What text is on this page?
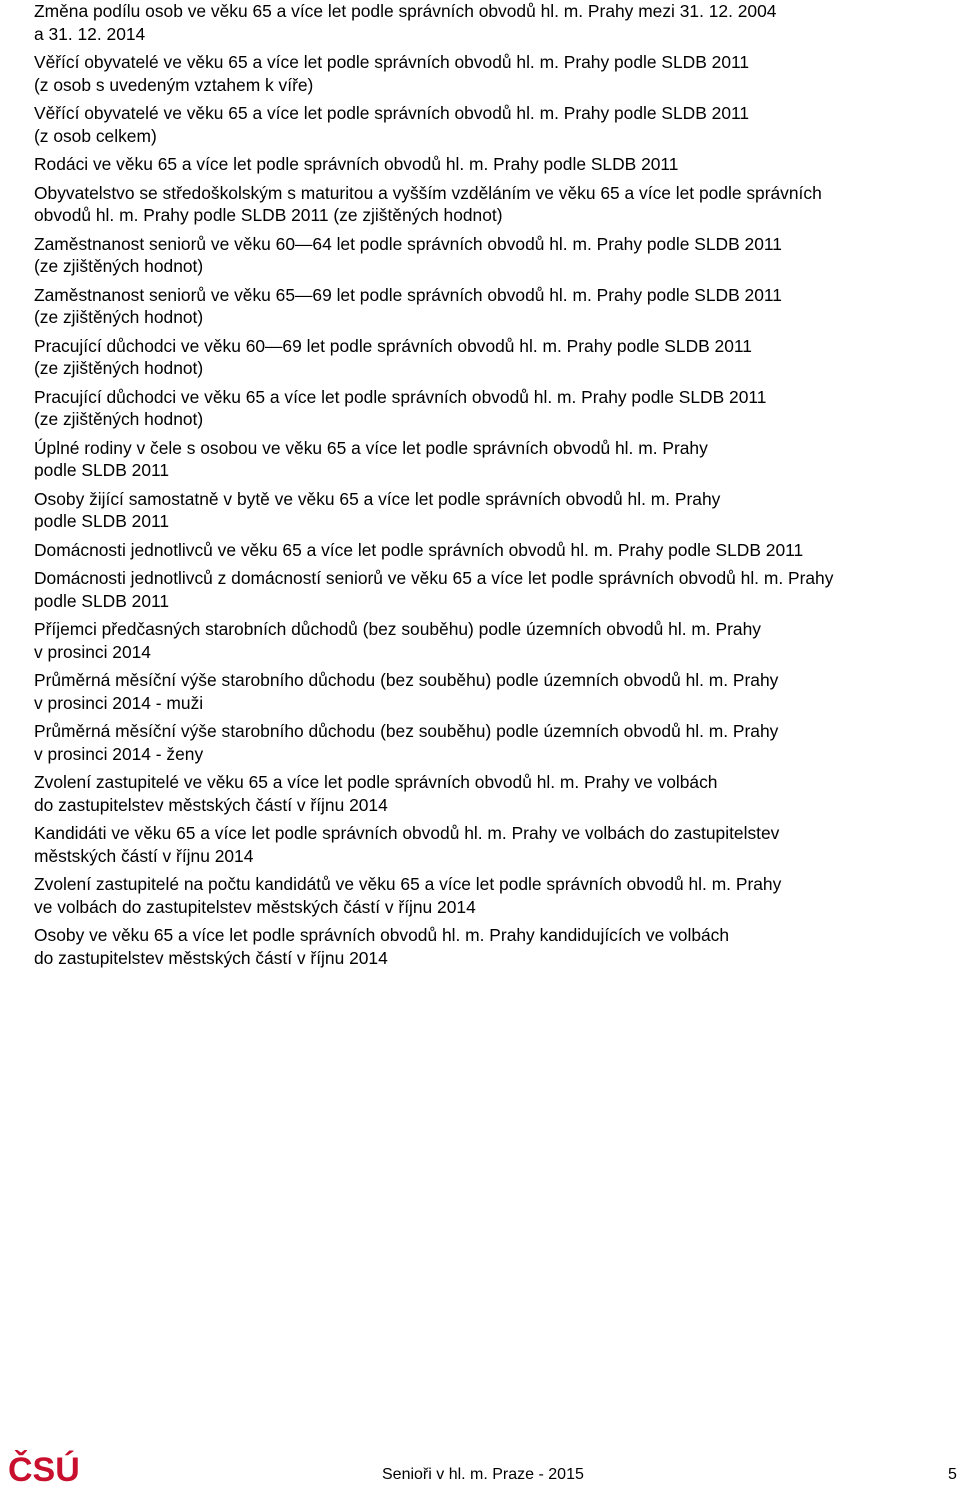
Změna podílu osob ve věku 65 a více let podle správních obvodů hl. m. Prahy mezi 31. 12. 2004
a 31. 12. 2014
Věřící obyvatelé ve věku 65 a více let podle správních obvodů hl. m. Prahy podle SLDB 2011
(z osob s uvedeným vztahem k víře)
Věřící obyvatelé ve věku 65 a více let podle správních obvodů hl. m. Prahy podle SLDB 2011
(z osob celkem)
Rodáci ve věku 65 a více let podle správních obvodů hl. m. Prahy podle SLDB 2011
Obyvatelstvo se středoškolským s maturitou a vyšším vzděláním ve věku 65 a více let podle správních
obvodů hl. m. Prahy podle SLDB 2011 (ze zjištěných hodnot)
Zaměstnanost seniorů ve věku 60—64 let podle správních obvodů hl. m. Prahy podle SLDB 2011
(ze zjištěných hodnot)
Zaměstnanost seniorů ve věku 65—69 let podle správních obvodů hl. m. Prahy podle SLDB 2011
(ze zjištěných hodnot)
Pracující důchodci ve věku 60—69 let podle správních obvodů hl. m. Prahy podle SLDB 2011
(ze zjištěných hodnot)
Pracující důchodci ve věku 65 a více let podle správních obvodů hl. m. Prahy podle SLDB 2011
(ze zjištěných hodnot)
Úplné rodiny v čele s osobou ve věku 65 a více let podle správních obvodů hl. m. Prahy
podle SLDB 2011
Osoby žijící samostatně v bytě ve věku 65 a více let podle správních obvodů hl. m. Prahy
podle SLDB 2011
Domácnosti jednotlivců ve věku 65 a více let podle správních obvodů hl. m. Prahy podle SLDB 2011
Domácnosti jednotlivců z domácností seniorů ve věku 65 a více let podle správních obvodů hl. m. Prahy
podle SLDB 2011
Příjemci předčasných starobních důchodů (bez souběhu) podle územních obvodů hl. m. Prahy
v prosinci 2014
Průměrná měsíční výše starobního důchodu (bez souběhu) podle územních obvodů hl. m. Prahy
v prosinci 2014 - muži
Průměrná měsíční výše starobního důchodu (bez souběhu) podle územních obvodů hl. m. Prahy
v prosinci 2014 - ženy
Zvolení zastupitelé ve věku 65 a více let podle správních obvodů hl. m. Prahy ve volbách
do zastupitelstev městských částí v říjnu 2014
Kandidáti ve věku 65 a více let podle správních obvodů hl. m. Prahy ve volbách do zastupitelstev
městských částí v říjnu 2014
Zvolení zastupitelé na počtu kandidátů ve věku 65 a více let podle správních obvodů hl. m. Prahy
ve volbách do zastupitelstev městských částí v říjnu 2014
Osoby ve věku 65 a více let podle správních obvodů hl. m. Prahy kandidujících ve volbách
do zastupitelstev městských částí v říjnu 2014
ČSÚ	Senioři v hl. m. Praze - 2015	5
